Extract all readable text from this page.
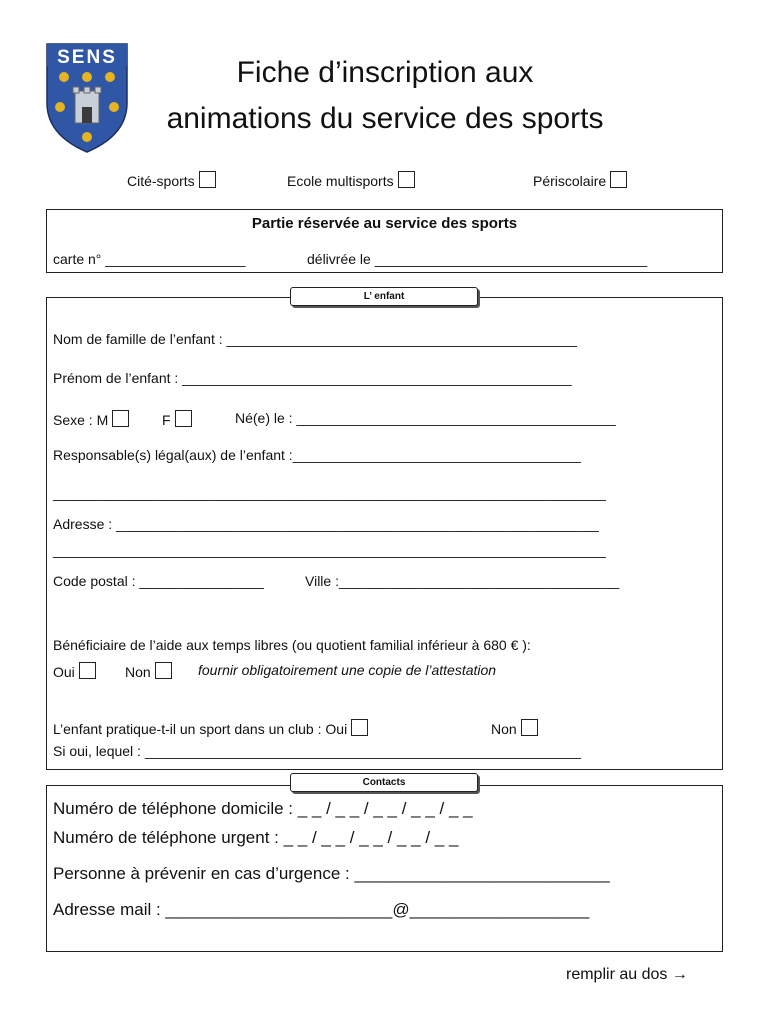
SENS	Fiche d’inscription aux
animations du service des sports
Cité-sports	Ecole multisports	Périscolaire
Partie réservée au service des sports
carte n° __________________	délivrée le ___________________________________
L’ enfant
Nom de famille de l’enfant : _____________________________________________
Prénom de l’enfant : __________________________________________________
Sexe : M	F	Né(e) le : _________________________________________
Responsable(s) légal(aux) de l’enfant :_____________________________________
_______________________________________________________________________
Adresse : ______________________________________________________________
_______________________________________________________________________
Code postal : ________________	Ville :____________________________________
Bénéficiaire de l’aide aux temps libres (ou quotient familial inférieur à 680 € ):
Oui	Non	fournir obligatoirement une copie de l’attestation
L’enfant pratique-t-il un sport dans un club : Oui	Non
Si oui, lequel : ________________________________________________________
Contacts
Numéro de téléphone domicile : _ _ / _ _ / _ _ / _ _ / _ _
Numéro de téléphone urgent : _ _ / _ _ / _ _ / _ _ / _ _
Personne à prévenir en cas d’urgence : ___________________________
Adresse mail : ________________________@___________________
remplir au dos →
